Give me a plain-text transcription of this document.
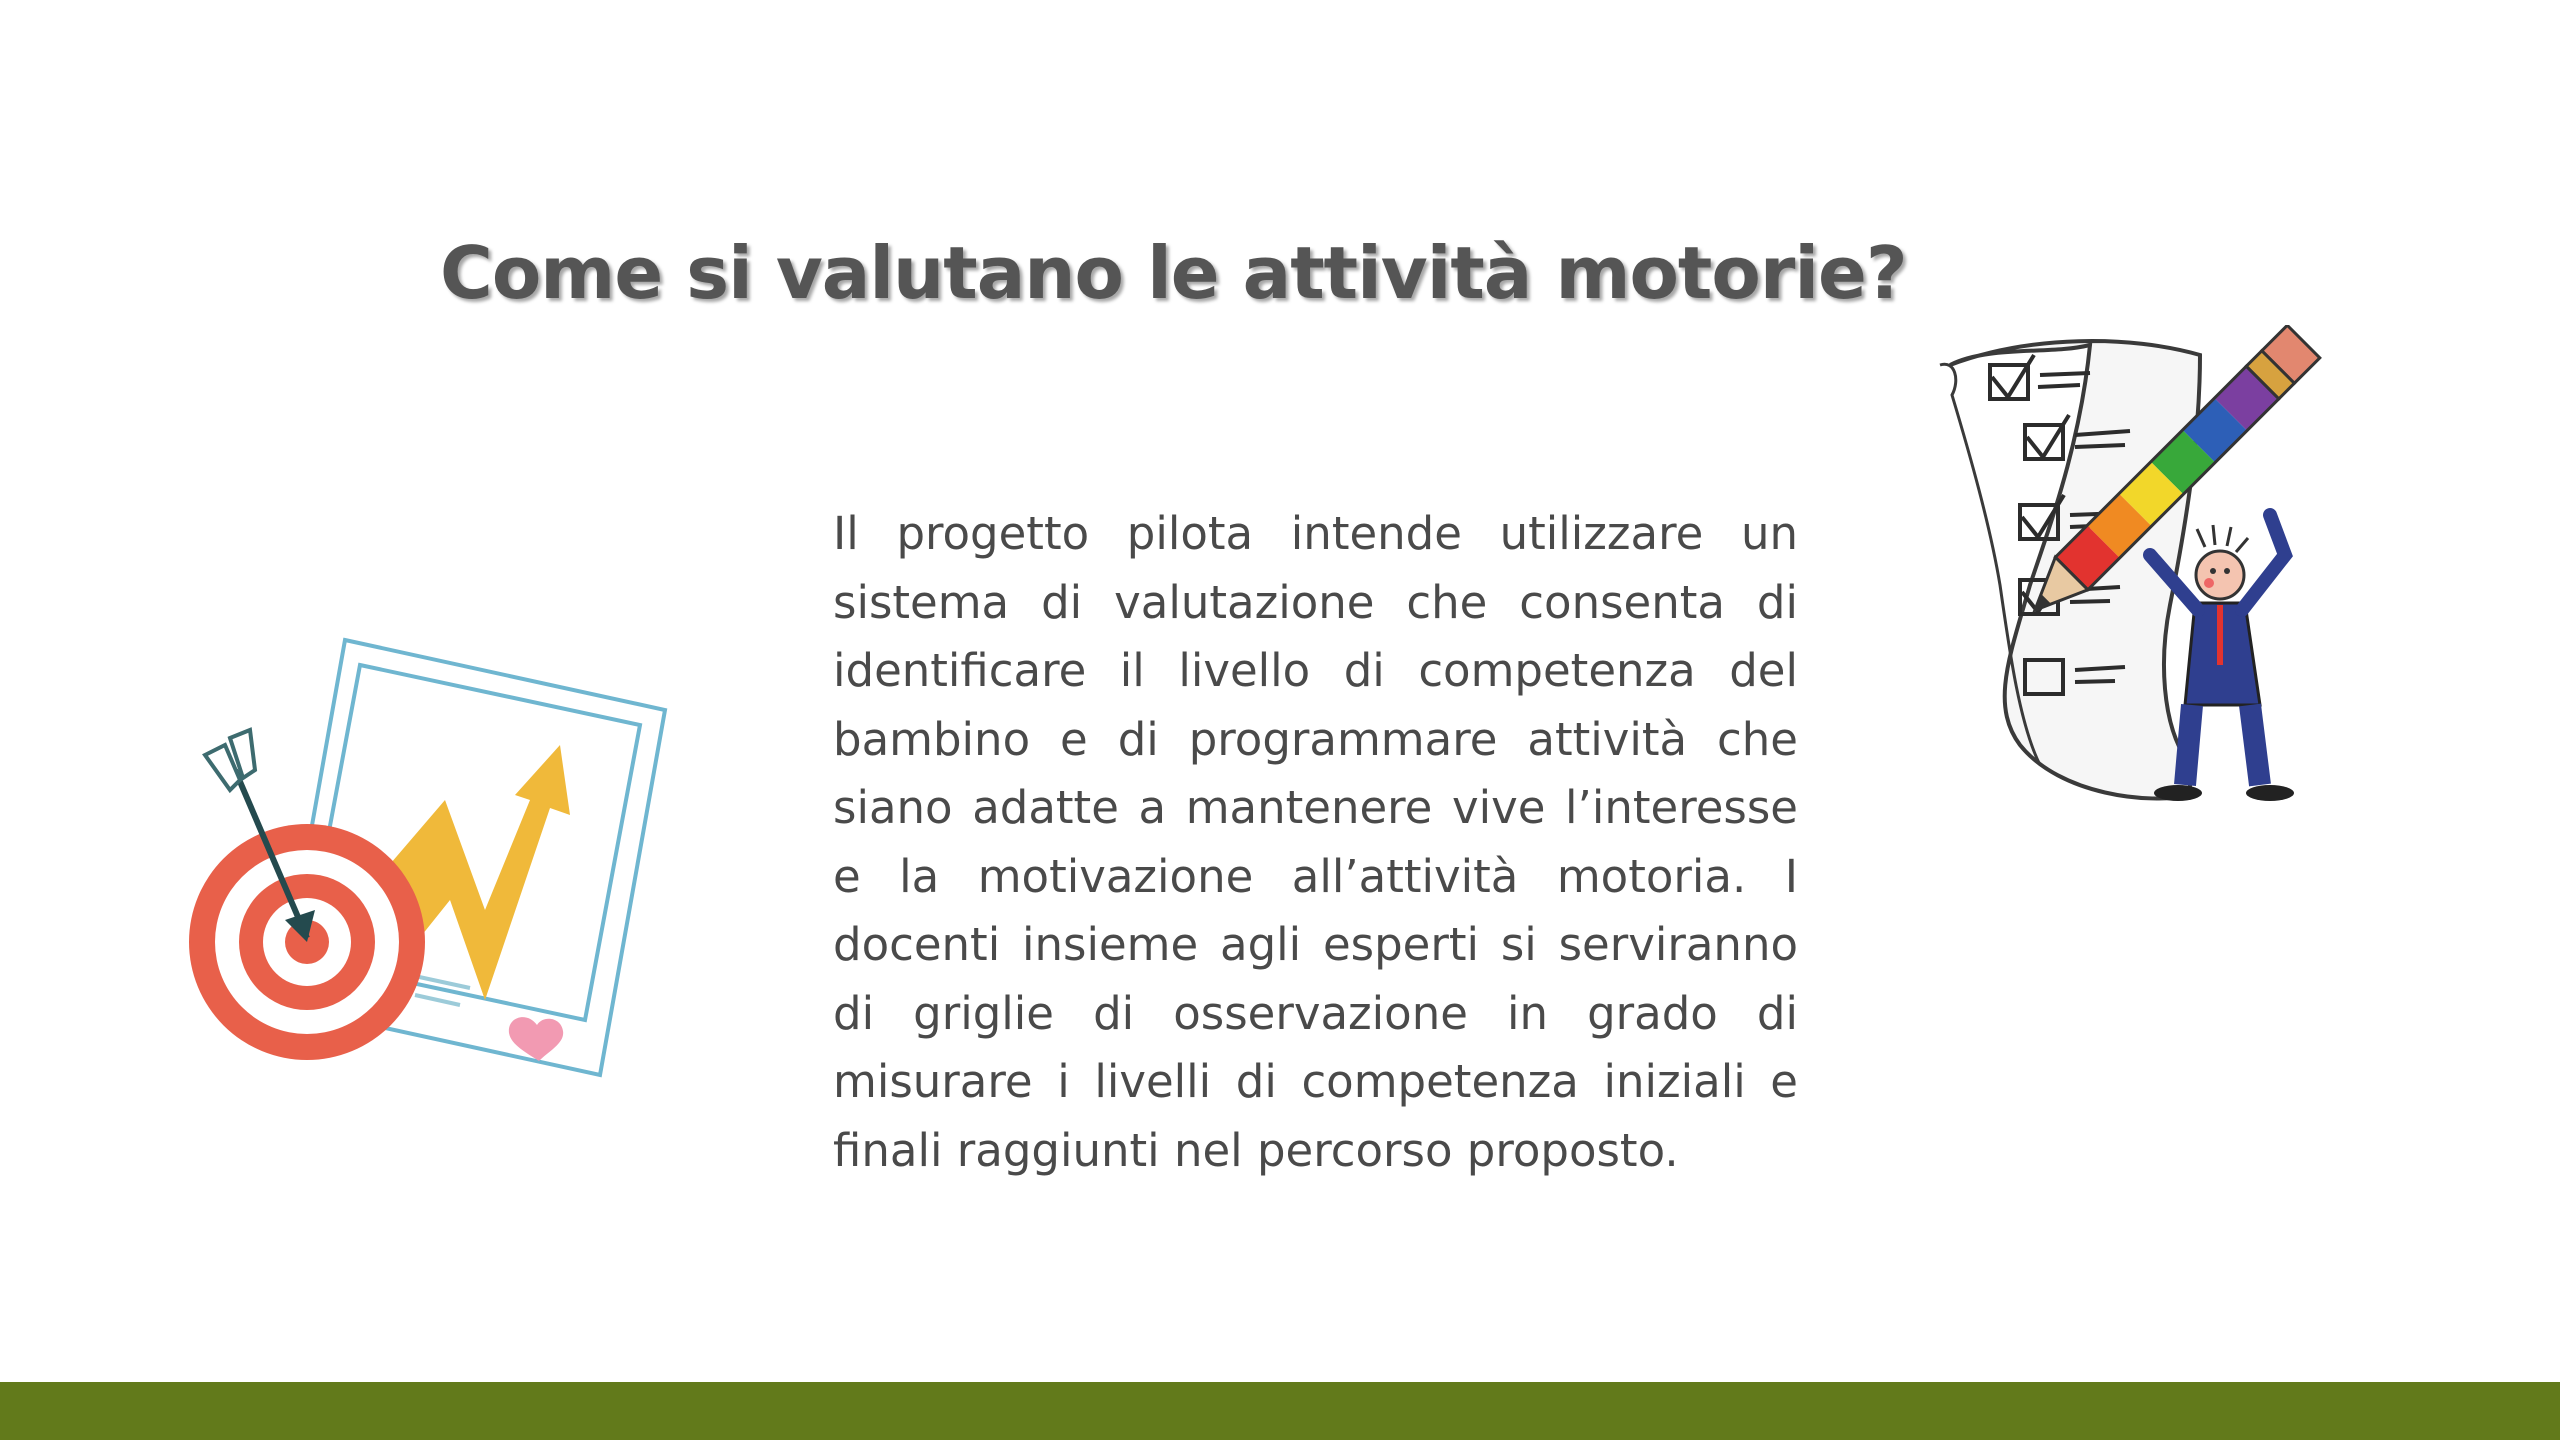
Come si valutano le attività motorie?

Il progetto pilota intende utilizzare un sistema di valutazione che consenta di identificare il livello di competenza del bambino e di programmare attività che siano adatte a mantenere vive l’interesse e la motivazione all’attività motoria. I docenti insieme agli esperti si serviranno di griglie di osservazione in grado di misurare i livelli di competenza iniziali e finali raggiunti nel percorso proposto.
